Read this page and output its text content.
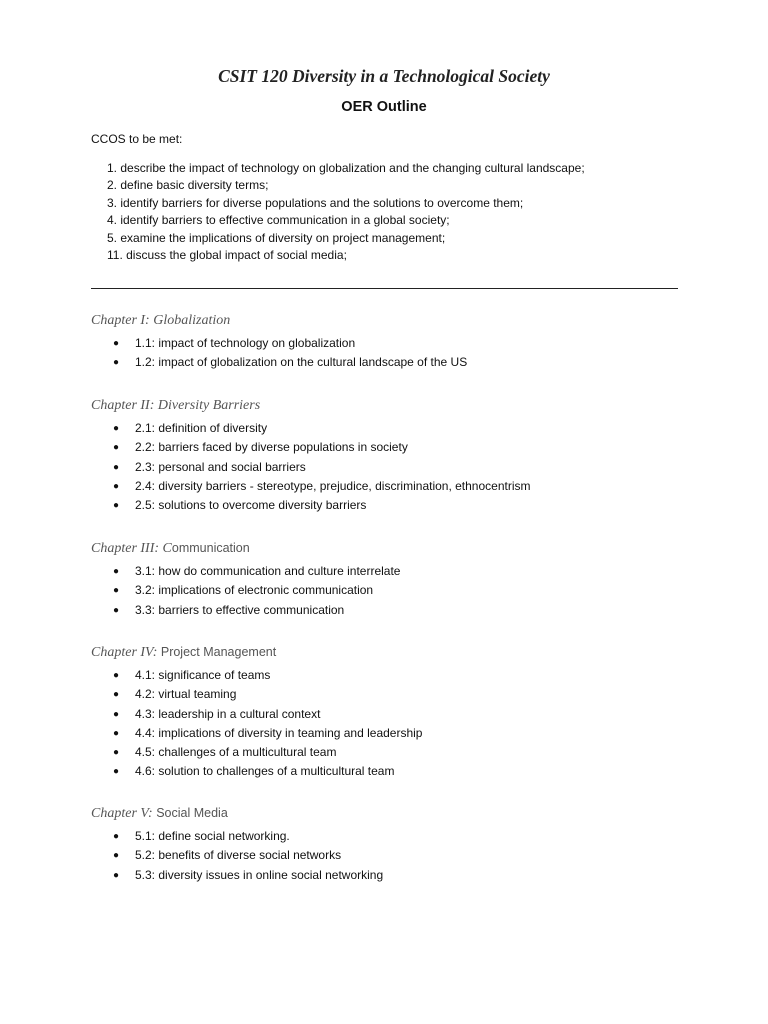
CSIT 120 Diversity in a Technological Society
OER Outline
CCOS to be met:
1. describe the impact of technology on globalization and the changing cultural landscape;
2. define basic diversity terms;
3. identify barriers for diverse populations and the solutions to overcome them;
4. identify barriers to effective communication in a global society;
5. examine the implications of diversity on project management;
11. discuss the global impact of social media;
Chapter I: Globalization
● 1.1: impact of technology on globalization
● 1.2: impact of globalization on the cultural landscape of the US
Chapter II: Diversity Barriers
● 2.1: definition of diversity
● 2.2: barriers faced by diverse populations in society
● 2.3: personal and social barriers
● 2.4: diversity barriers - stereotype, prejudice, discrimination, ethnocentrism
● 2.5: solutions to overcome diversity barriers
Chapter III: Communication
● 3.1: how do communication and culture interrelate
● 3.2: implications of electronic communication
● 3.3: barriers to effective communication
Chapter IV: Project Management
● 4.1: significance of teams
● 4.2: virtual teaming
● 4.3: leadership in a cultural context
● 4.4: implications of diversity in teaming and leadership
● 4.5: challenges of a multicultural team
● 4.6: solution to challenges of a multicultural team
Chapter V: Social Media
● 5.1: define social networking.
● 5.2: benefits of diverse social networks
● 5.3: diversity issues in online social networking
